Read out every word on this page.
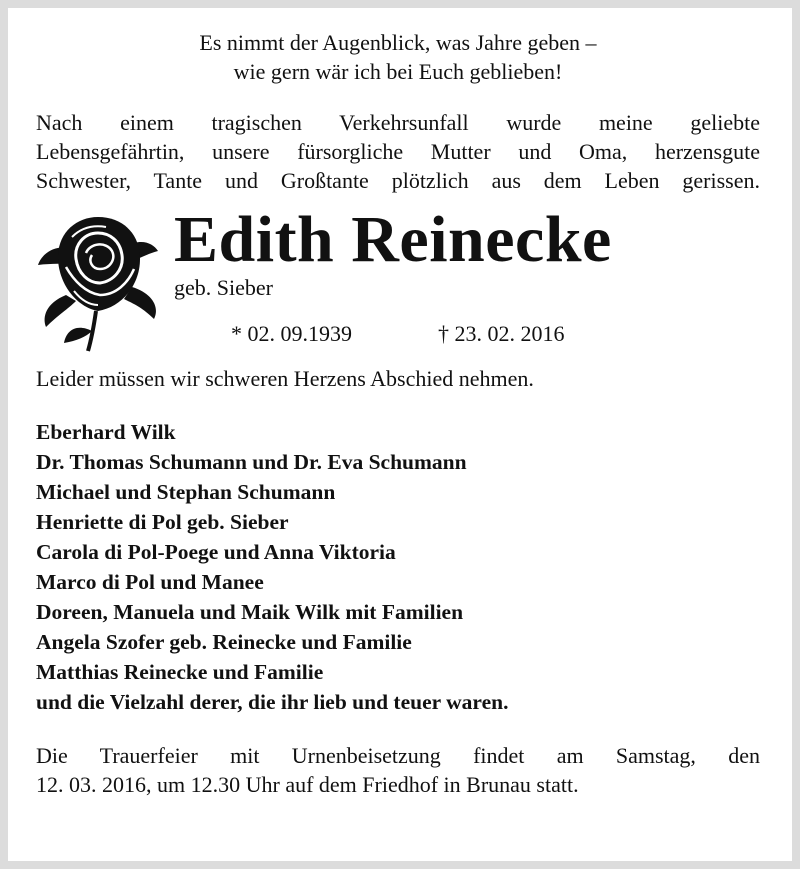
Es nimmt der Augenblick, was Jahre geben –
wie gern wär ich bei Euch geblieben!

Nach einem tragischen Verkehrsunfall wurde meine geliebte
Lebensgefährtin, unsere fürsorgliche Mutter und Oma, herzensgute
Schwester, Tante und Großtante plötzlich aus dem Leben gerissen.

Edith Reinecke
geb. Sieber
* 02. 09.1939	† 23. 02. 2016

Leider müssen wir schweren Herzens Abschied nehmen.

Eberhard Wilk
Dr. Thomas Schumann und Dr. Eva Schumann
Michael und Stephan Schumann
Henriette di Pol geb. Sieber
Carola di Pol-Poege und Anna Viktoria
Marco di Pol und Manee
Doreen, Manuela und Maik Wilk mit Familien
Angela Szofer geb. Reinecke und Familie
Matthias Reinecke und Familie
und die Vielzahl derer, die ihr lieb und teuer waren.

Die Trauerfeier mit Urnenbeisetzung findet am Samstag, den
12. 03. 2016, um 12.30 Uhr auf dem Friedhof in Brunau statt.
